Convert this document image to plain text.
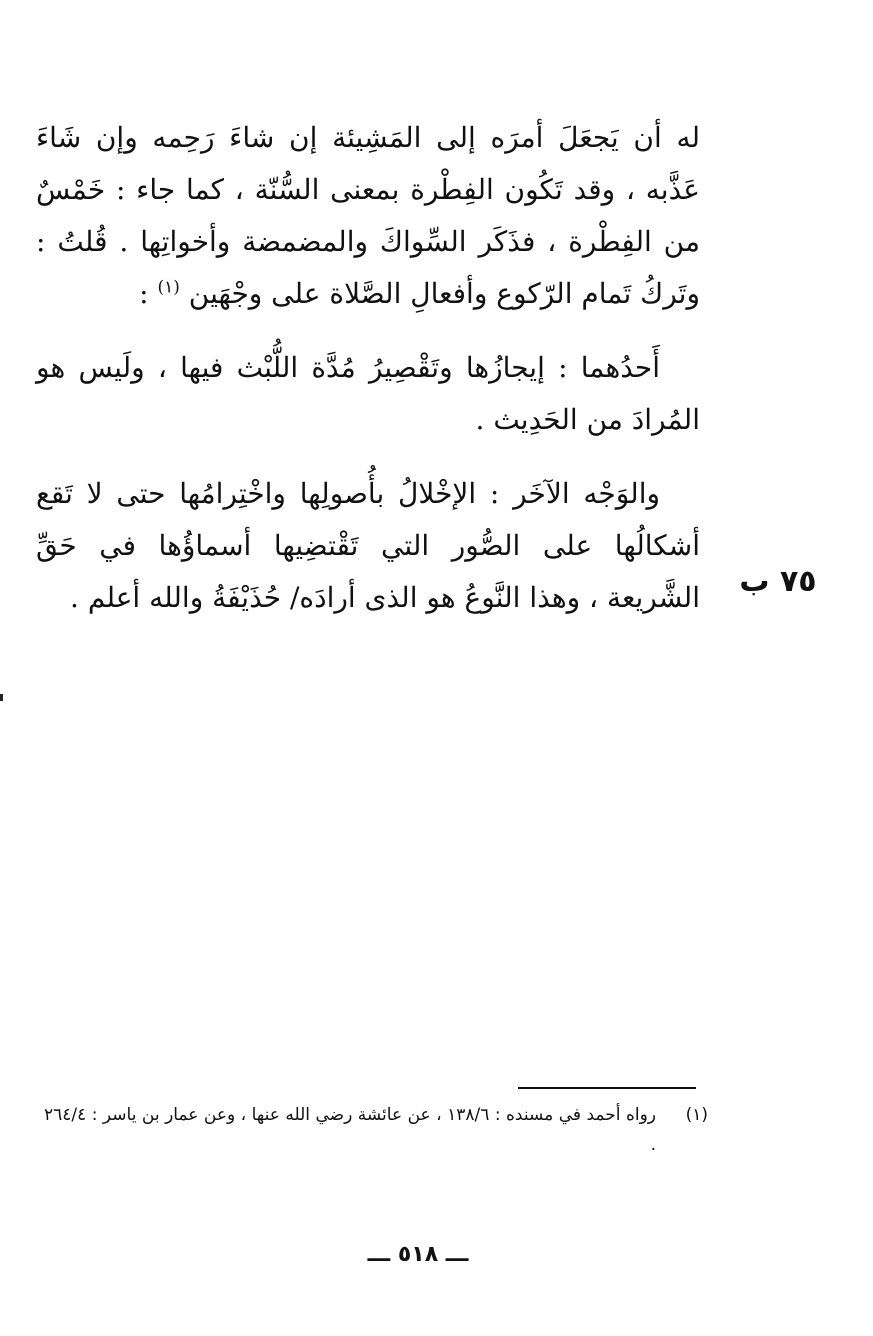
له أن يَجعَلَ أمرَه إلى المَشِيئة إن شاءَ رَحِمه وإن شَاءَ عَذَّبه ، وقد تَكُون الفِطْرة بمعنى السُّنّة ، كما جاء : خَمْسٌ من الفِطْرة ، فذَكَر السِّواكَ والمضمضة وأخواتِها . قُلتُ : وتَركُ تَمام الرّكوع وأفعالِ الصَّلاة على وجْهَين $^{(١)}$ :

أَحدُهما : إيجازُها وتَقْصِيرُ مُدَّة اللُّبْث فيها ، ولَيس هو المُرادَ من الحَدِيث .

والوَجْه الآخَر : الإخْلالُ بأُصولِها واخْتِرامُها حتى لا تَقع أشكالُها على الصُّور التي تَقْتضِيها أسماؤُها في حَقِّ الشَّريعة ، وهذا النَّوعُ هو الذى أرادَه/ حُذَيْفَةُ والله أعلم . ٧٥ ب
(١)
رواه أحمد في مسنده : ١٣٨/٦ ، عن عائشة رضي الله عنها ، وعن عمار بن ياسر : ٢٦٤/٤ .
ـــ ٥١٨ ـــ
